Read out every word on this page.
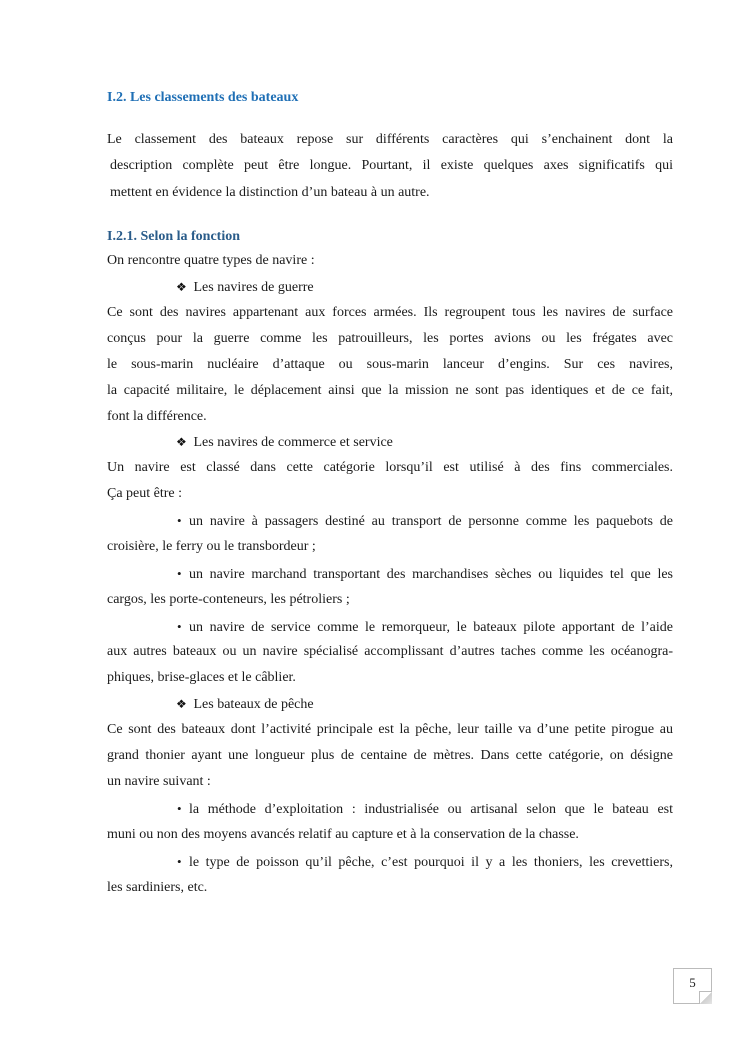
I.2. Les classements des bateaux
Le classement des bateaux repose sur différents caractères qui s’enchainent dont la
description complète peut être longue. Pourtant, il existe quelques axes significatifs qui
mettent en évidence la distinction d’un bateau à un autre.
I.2.1. Selon la fonction
On rencontre quatre types de navire :
❖ Les navires de guerre
Ce sont des navires appartenant aux forces armées. Ils regroupent tous les navires de surface
conçus pour la guerre comme les patrouilleurs, les portes avions ou les frégates avec
le sous-marin nucléaire d’attaque ou sous-marin lanceur d’engins. Sur ces navires,
la capacité militaire, le déplacement ainsi que la mission ne sont pas identiques et de ce fait,
font la différence.
❖ Les navires de commerce et service
Un navire est classé dans cette catégorie lorsqu’il est utilisé à des fins commerciales.
Ça peut être :
• un navire à passagers destiné au transport de personne comme les paquebots de
croisière, le ferry ou le transbordeur ;
• un navire marchand transportant des marchandises sèches ou liquides tel que les
cargos, les porte-conteneurs, les pétroliers ;
• un navire de service comme le remorqueur, le bateaux pilote apportant de l’aide
aux autres bateaux ou un navire spécialisé accomplissant d’autres taches comme les océanogra-
phiques, brise-glaces et le câblier.
❖ Les bateaux de pêche
Ce sont des bateaux dont l’activité principale est la pêche, leur taille va d’une petite pirogue au
grand thonier ayant une longueur plus de centaine de mètres. Dans cette catégorie, on désigne
un navire suivant :
• la méthode d’exploitation : industrialisée ou artisanal selon que le bateau est
muni ou non des moyens avancés relatif au capture et à la conservation de la chasse.
• le type de poisson qu’il pêche, c’est pourquoi il y a les thoniers, les crevettiers,
les sardiniers, etc.
5
